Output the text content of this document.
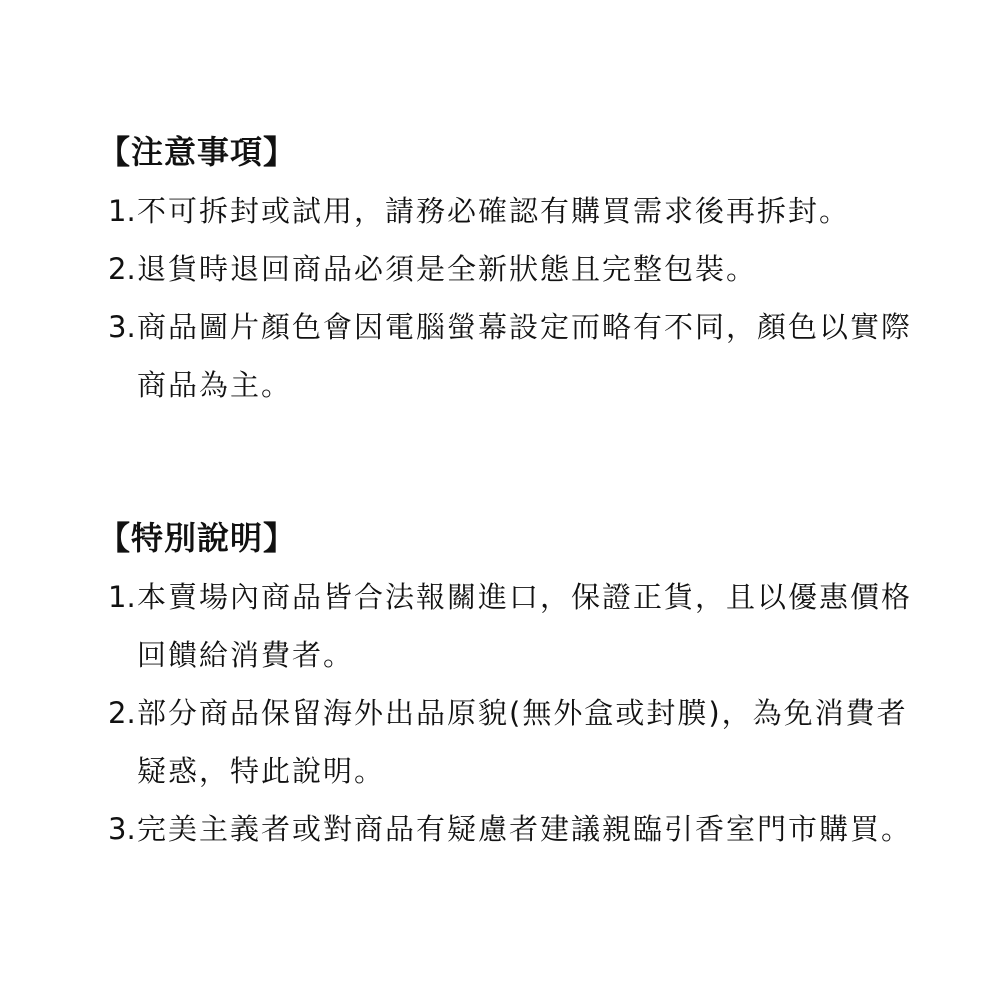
【注意事項】
1. 不可拆封或試用，請務必確認有購買需求後再拆封。
2. 退貨時退回商品必須是全新狀態且完整包裝。
3. 商品圖片顏色會因電腦螢幕設定而略有不同，顏色以實際商品為主。
【特別說明】
1. 本賣場內商品皆合法報關進口，保證正貨，且以優惠價格回饋給消費者。
2. 部分商品保留海外出品原貌(無外盒或封膜)，為免消費者疑惑，特此說明。
3. 完美主義者或對商品有疑慮者建議親臨引香室門市購買。
